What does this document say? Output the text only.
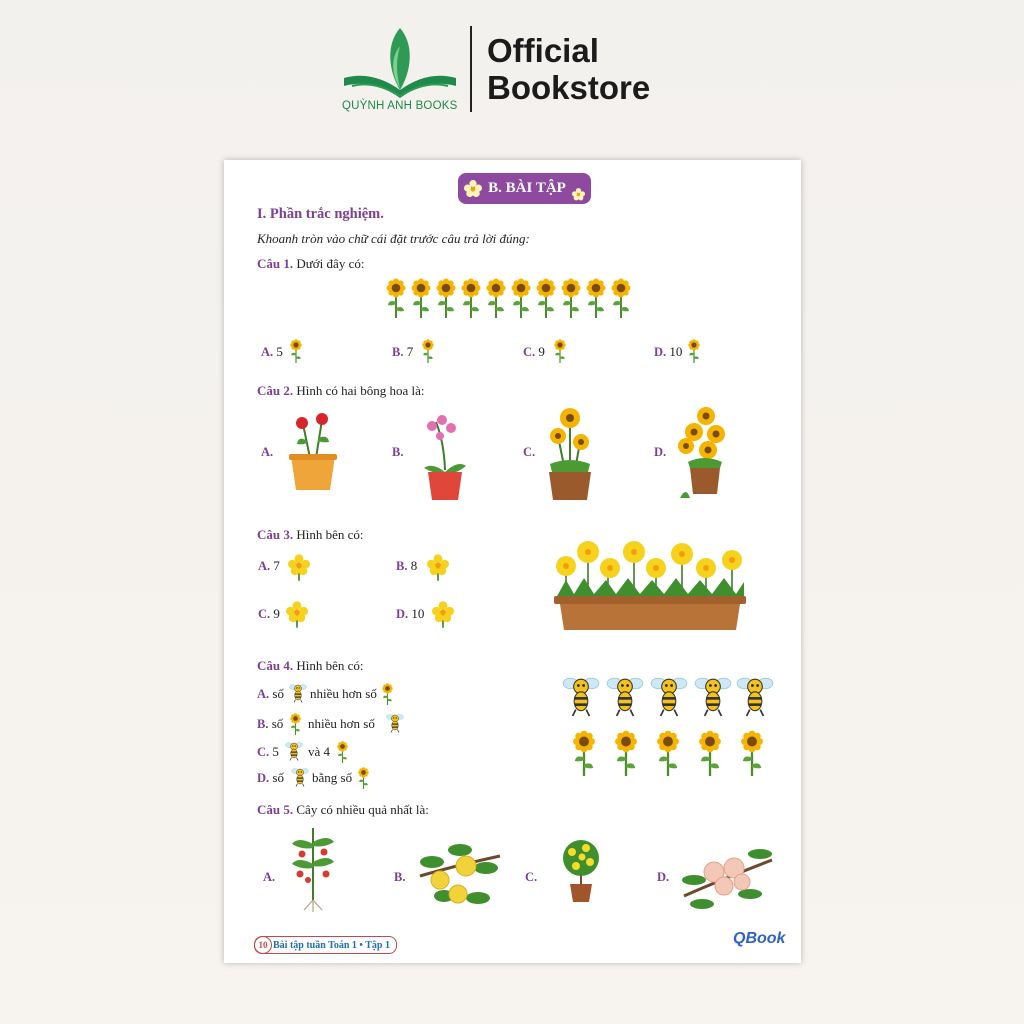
QUỲNH ANH BOOKS
Official
Bookstore
B. BÀI TẬP
I. Phần trắc nghiệm.
Khoanh tròn vào chữ cái đặt trước câu trả lời đúng:
Câu 1. Dưới đây có:
A. 5	B. 7	C. 9	D. 10
Câu 2. Hình có hai bông hoa là:
A.	B.	C.	D.
Câu 3. Hình bên có:
A. 7	B. 8
C. 9	D. 10
Câu 4. Hình bên có:
A. số nhiều hơn số
B. số nhiều hơn số
C. 5 và 4
D. số bằng số
Câu 5. Cây có nhiều quả nhất là:
A.	B.	C.	D.
10 Bài tập tuần Toán 1 • Tập 1	QBook
